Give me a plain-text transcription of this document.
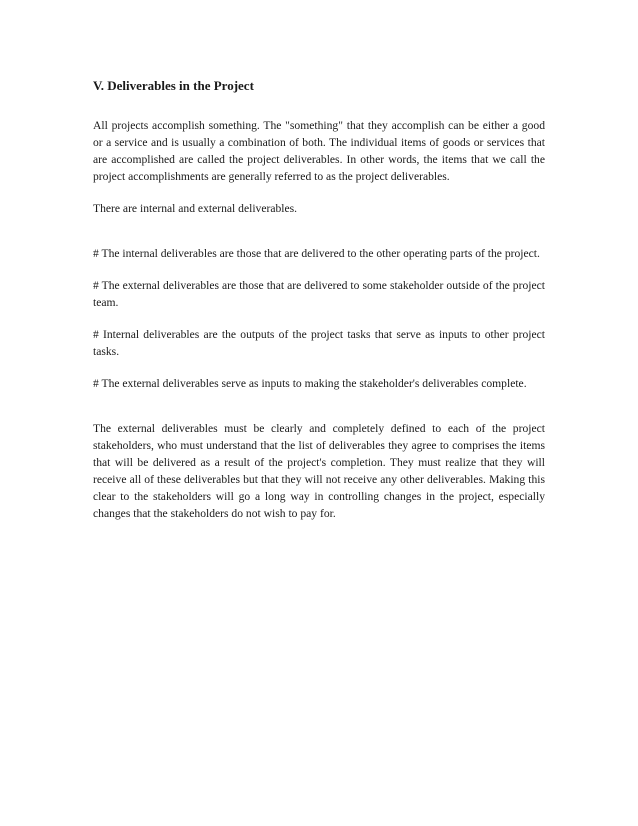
V. Deliverables in the Project

All projects accomplish something. The "something" that they accomplish can be either a good or a service and is usually a combination of both. The individual items of goods or services that are accomplished are called the project deliverables. In other words, the items that we call the project accomplishments are generally referred to as the project deliverables.

There are internal and external deliverables.

# The internal deliverables are those that are delivered to the other operating parts of the project.

# The external deliverables are those that are delivered to some stakeholder outside of the project team.

# Internal deliverables are the outputs of the project tasks that serve as inputs to other project tasks.

# The external deliverables serve as inputs to making the stakeholder's deliverables complete.

The external deliverables must be clearly and completely defined to each of the project stakeholders, who must understand that the list of deliverables they agree to comprises the items that will be delivered as a result of the project's completion. They must realize that they will receive all of these deliverables but that they will not receive any other deliverables. Making this clear to the stakeholders will go a long way in controlling changes in the project, especially changes that the stakeholders do not wish to pay for.
